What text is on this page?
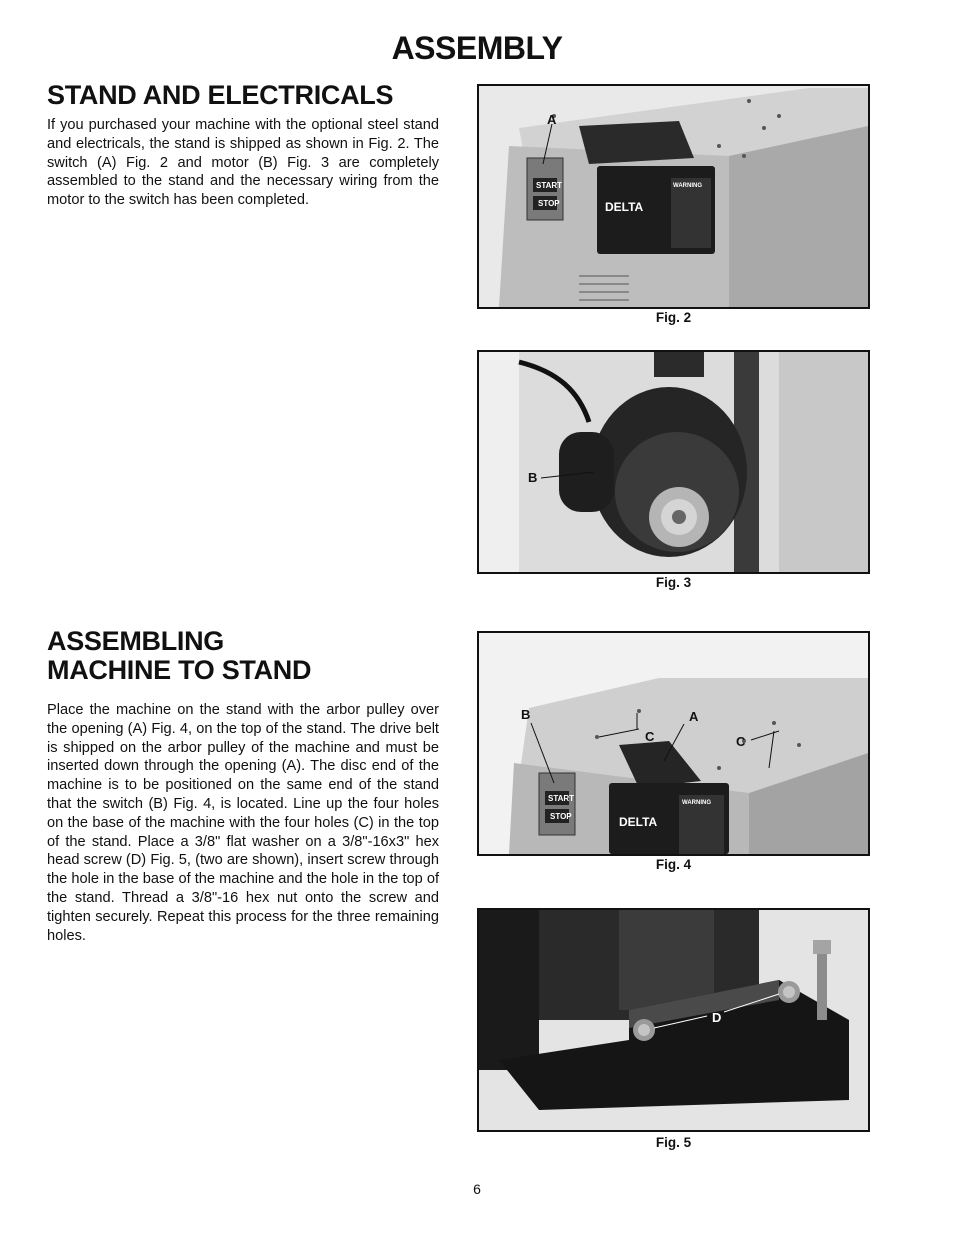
ASSEMBLY
STAND AND ELECTRICALS

If you purchased your machine with the optional steel stand and electricals, the stand is shipped as shown in Fig. 2. The switch (A) Fig. 2 and motor (B) Fig. 3 are completely assembled to the stand and the necessary wiring from the motor to the switch has been completed.

ASSEMBLING
MACHINE TO STAND

Place the machine on the stand with the arbor pulley over the opening (A) Fig. 4, on the top of the stand. The drive belt is shipped on the arbor pulley of the machine and must be inserted down through the opening (A). The disc end of the machine is to be positioned on the same end of the stand that the switch (B) Fig. 4, is located. Line up the four holes on the base of the machine with the four holes (C) in the top of the stand. Place a 3/8" flat washer on a 3/8"-16x3" hex head screw (D) Fig. 5, (two are shown), insert screw through the hole in the base of the machine and the hole in the top of the stand. Thread a 3/8"-16 hex nut onto the screw and tighten securely. Repeat this process for the three remaining holes.

START
STOP	DELTA
WARNING
A
Fig. 2
B
Fig. 3
START
STOP	DELTA
WARNING
B	A
C	C
Fig. 4
D
Fig. 5
6
